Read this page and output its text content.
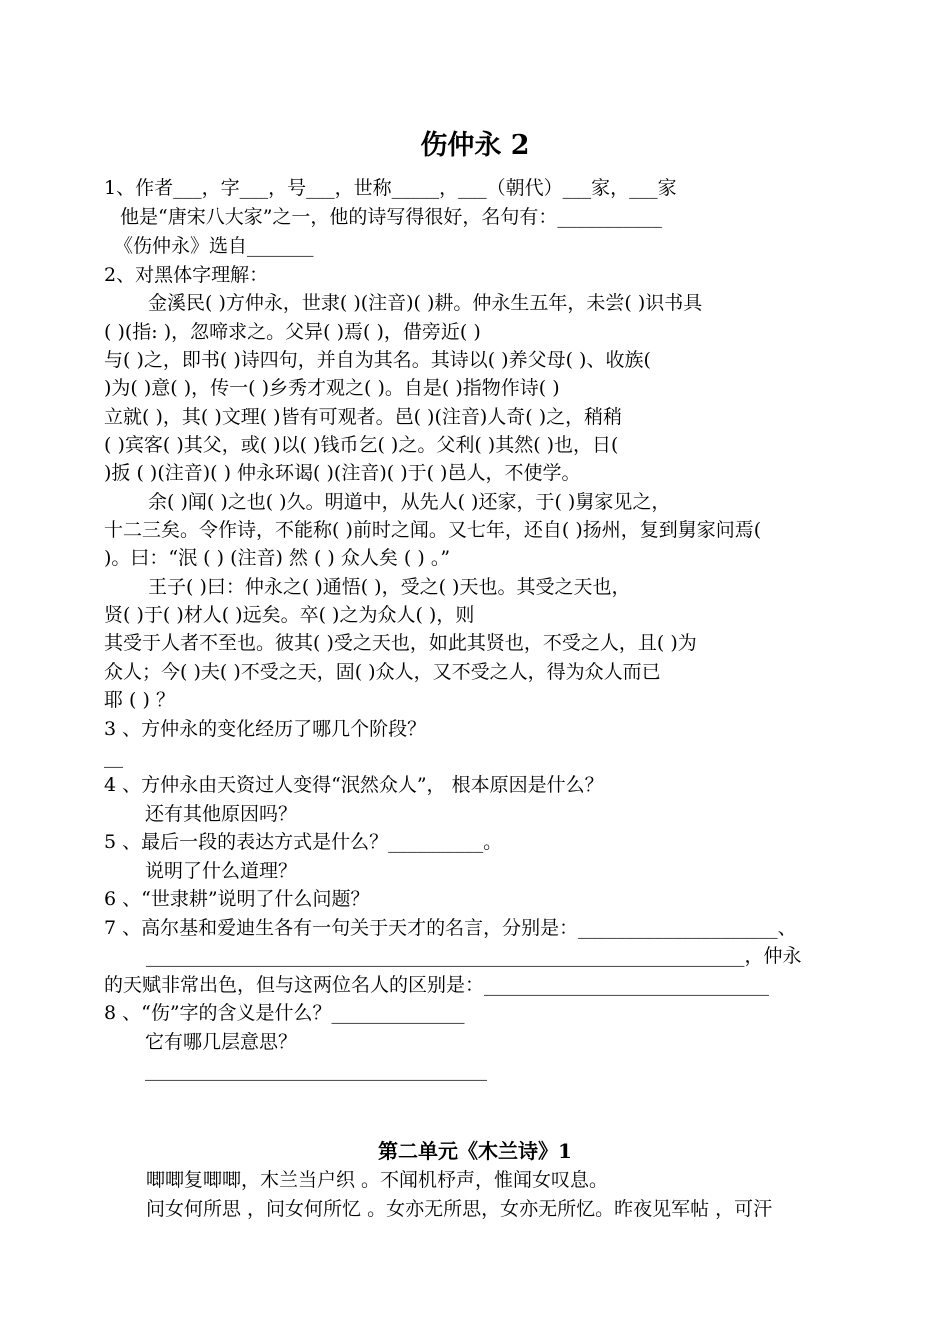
伤仲永 2
1、作者___，字___，号___，世称_____，___（朝代）___家，___家
他是“唐宋八大家”之一，他的诗写得很好，名句有：___________
《伤仲永》选自_______
2、对黑体字理解：
金溪民( )方仲永，世隶( )(注音)( )耕。仲永生五年，未尝( )识书具
( )(指: )，忽啼求之。父异( )焉( )，借旁近( )
与( )之，即书( )诗四句，并自为其名。其诗以( )养父母( )、收族(
)为( )意( )，传一( )乡秀才观之( )。自是( )指物作诗( )
立就( )，其( )文理( )皆有可观者。邑( )(注音)人奇( )之，稍稍
( )宾客( )其父，或( )以( )钱币乞( )之。父利( )其然( )也，日(
)扳 ( )(注音)( ) 仲永环谒( )(注音)( )于( )邑人，不使学。
余( )闻( )之也( )久。明道中，从先人( )还家，于( )舅家见之，
十二三矣。令作诗，不能称( )前时之闻。又七年，还自( )扬州，复到舅家问焉(
)。曰：“泯 ( ) (注音) 然 ( ) 众人矣 ( ) 。”
王子( )曰：仲永之( )通悟( )，受之( )天也。其受之天也，
贤( )于( )材人( )远矣。卒( )之为众人( )，则
其受于人者不至也。彼其( )受之天也，如此其贤也，不受之人，且( )为
众人；今( )夫( )不受之天，固( )众人，又不受之人，得为众人而已
耶 ( ) ？
3 、方仲永的变化经历了哪几个阶段？
__
4 、方仲永由天资过人变得“泯然众人”， 根本原因是什么？
还有其他原因吗？
5 、最后一段的表达方式是什么？__________。
说明了什么道理？
6 、“世隶耕”说明了什么问题？
7 、高尔基和爱迪生各有一句关于天才的名言，分别是：_____________________、
_______________________________________________________________，仲永
的天赋非常出色，但与这两位名人的区别是：______________________________
8 、“伤”字的含义是什么？______________
它有哪几层意思？
____________________________________
第二单元《木兰诗》1
唧唧复唧唧，木兰当户织 。不闻机杼声，惟闻女叹息。
问女何所思 ，问女何所忆 。女亦无所思，女亦无所忆。昨夜见军帖 ，可汗
